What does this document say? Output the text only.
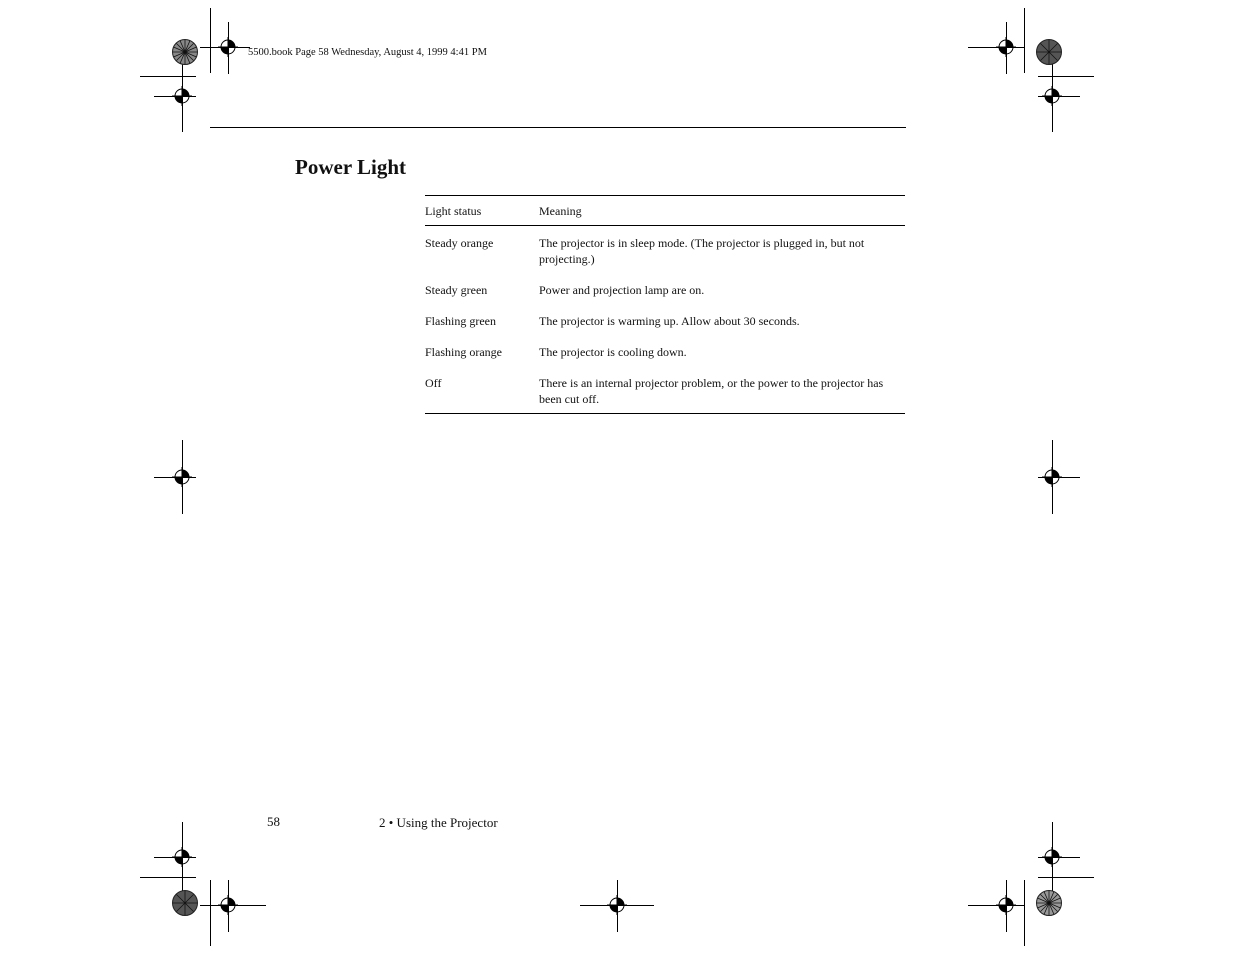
5500.book Page 58 Wednesday, August 4, 1999 4:41 PM
Power Light
Light status	Meaning
Steady orange	The projector is in sleep mode. (The projector is plugged in, but not projecting.)
Steady green	Power and projection lamp are on.
Flashing green	The projector is warming up. Allow about 30 seconds.
Flashing orange	The projector is cooling down.
Off	There is an internal projector problem, or the power to the projector has been cut off.
58	2 • Using the Projector
